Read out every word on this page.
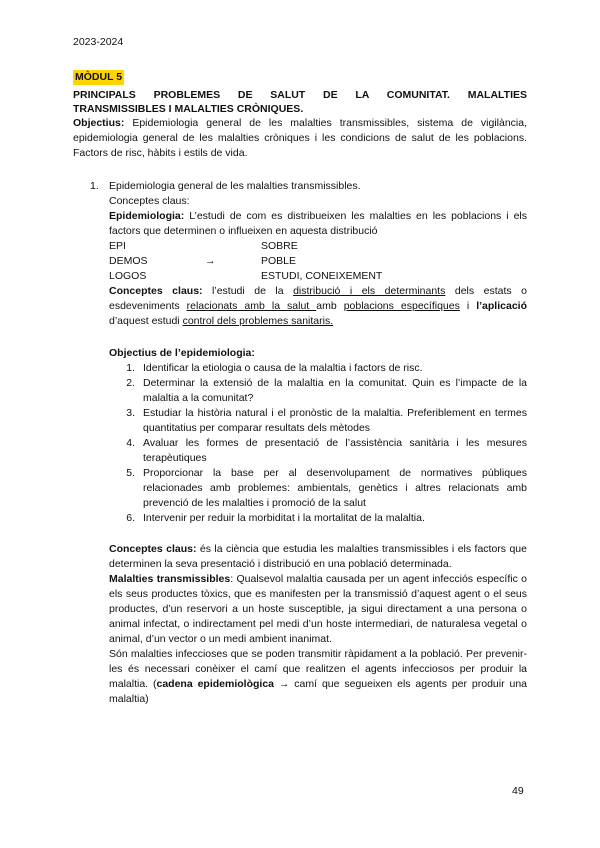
2023-2024
MÒDUL 5
PRINCIPALS PROBLEMES DE SALUT DE LA COMUNITAT. MALALTIES
TRANSMISSIBLES I MALALTIES CRÒNIQUES.
Objectius: Epidemiologia general de les malalties transmissibles, sistema de vigilància, epidemiologia general de les malalties cròniques i les condicions de salut de les poblacions. Factors de risc, hàbits i estils de vida.
1. Epidemiologia general de les malalties transmissibles.
Conceptes claus:
Epidemiologia: L’estudi de com es distribueixen les malalties en les poblacions i els factors que determinen o influeixen en aquesta distribució
EPI	SOBRE
DEMOS	→	POBLE
LOGOS	ESTUDI, CONEIXEMENT
Conceptes claus: l’estudi de la distribució i els determinants dels estats o esdeveniments relacionats amb la salut amb poblacions específiques i l’aplicació d’aquest estudi control dels problemes sanitaris.
Objectius de l’epidemiologia:
1. Identificar la etiologia o causa de la malaltia i factors de risc.
2. Determinar la extensió de la malaltia en la comunitat. Quin es l’impacte de la malaltia a la comunitat?
3. Estudiar la història natural i el pronòstic de la malaltia. Preferiblement en termes quantitatius per comparar resultats dels mètodes
4. Avaluar les formes de presentació de l’assistència sanitària i les mesures terapèutiques
5. Proporcionar la base per al desenvolupament de normatives públiques relacionades amb problemes: ambientals, genètics i altres relacionats amb prevenció de les malalties i promoció de la salut
6. Intervenir per reduir la morbiditat i la mortalitat de la malaltia.
Conceptes claus: és la ciència que estudia les malalties transmissibles i els factors que determinen la seva presentació i distribució en una població determinada.
Malalties transmissibles: Qualsevol malaltia causada per un agent infecciós específic o els seus productes tòxics, que es manifesten per la transmissió d’aquest agent o el seus productes, d’un reservori a un hoste susceptible, ja sigui directament a una persona o animal infectat, o indirectament pel medi d’un hoste intermediari, de naturalesa vegetal o animal, d’un vector o un medi ambient inanimat.
Són malalties infeccioses que se poden transmitir ràpidament a la població. Per prevenir-les és necessari conèixer el camí que realitzen el agents infecciosos per produir la malaltia. (cadena epidemiològica → camí que segueixen els agents per produir una malaltia)
49
